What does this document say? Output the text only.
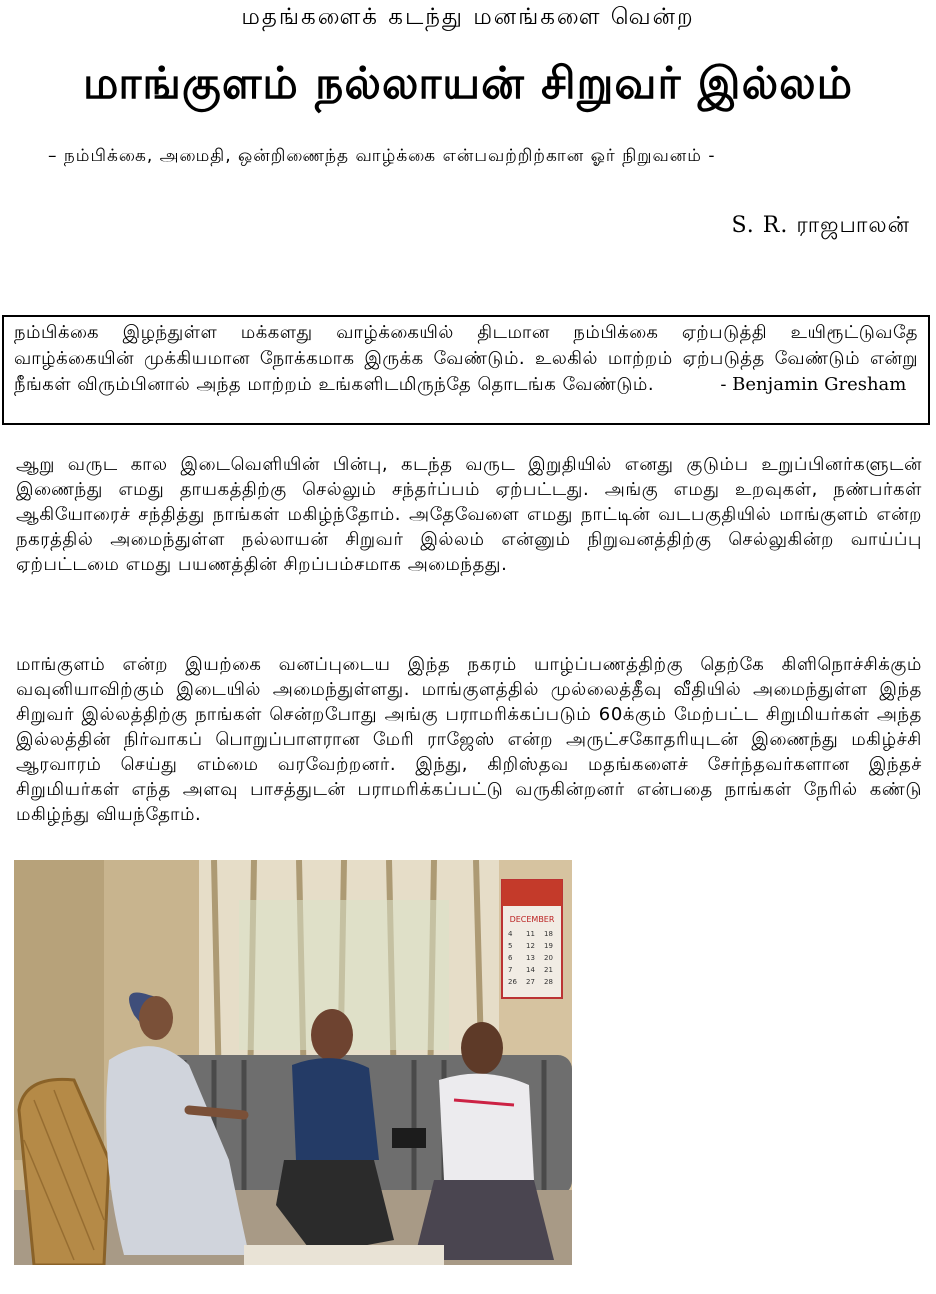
மதங்களைக் கடந்து மனங்களை வென்ற
மாங்குளம் நல்லாயன் சிறுவர் இல்லம்
– நம்பிக்கை, அமைதி, ஒன்றிணைந்த வாழ்க்கை என்பவற்றிற்கான ஓர் நிறுவனம் -
S. R. ராஜபாலன்
நம்பிக்கை இழந்துள்ள மக்களது வாழ்க்கையில் திடமான நம்பிக்கை ஏற்படுத்தி உயிரூட்டுவதே வாழ்க்கையின் முக்கியமான நோக்கமாக இருக்க வேண்டும். உலகில் மாற்றம் ஏற்படுத்த வேண்டும் என்று நீங்கள் விரும்பினால் அந்த மாற்றம் உங்களிடமிருந்தே தொடங்க வேண்டும்.	- Benjamin Gresham
ஆறு வருட கால இடைவெளியின் பின்பு, கடந்த வருட இறுதியில் எனது குடும்ப உறுப்பினர்களுடன் இணைந்து எமது தாயகத்திற்கு செல்லும் சந்தர்ப்பம் ஏற்பட்டது. அங்கு எமது உறவுகள், நண்பர்கள் ஆகியோரைச் சந்தித்து நாங்கள் மகிழ்ந்தோம். அதேவேளை எமது நாட்டின் வடபகுதியில் மாங்குளம் என்ற நகரத்தில் அமைந்துள்ள நல்லாயன் சிறுவர் இல்லம் என்னும் நிறுவனத்திற்கு செல்லுகின்ற வாய்ப்பு ஏற்பட்டமை எமது பயணத்தின் சிறப்பம்சமாக அமைந்தது.
மாங்குளம் என்ற இயற்கை வனப்புடைய இந்த நகரம் யாழ்ப்பணத்திற்கு தெற்கே கிளிநொச்சிக்கும் வவுனியாவிற்கும் இடையில் அமைந்துள்ளது. மாங்குளத்தில் முல்லைத்தீவு வீதியில் அமைந்துள்ள இந்த சிறுவர் இல்லத்திற்கு நாங்கள் சென்றபோது அங்கு பராமரிக்கப்படும் 60க்கும் மேற்பட்ட சிறுமியர்கள் அந்த இல்லத்தின் நிர்வாகப் பொறுப்பாளரான மேரி ராஜேஸ் என்ற அருட்சகோதரியுடன் இணைந்து மகிழ்ச்சி ஆரவாரம் செய்து எம்மை வரவேற்றனர். இந்து, கிறிஸ்தவ மதங்களைச் சேர்ந்தவர்களான இந்தச் சிறுமியர்கள் எந்த அளவு பாசத்துடன் பராமரிக்கப்பட்டு வருகின்றனர் என்பதை நாங்கள் நேரில் கண்டு மகிழ்ந்து வியந்தோம்.
DECEMBER
4 11 18
5 12 19
6 13 20
7 14 21
26 27 28
